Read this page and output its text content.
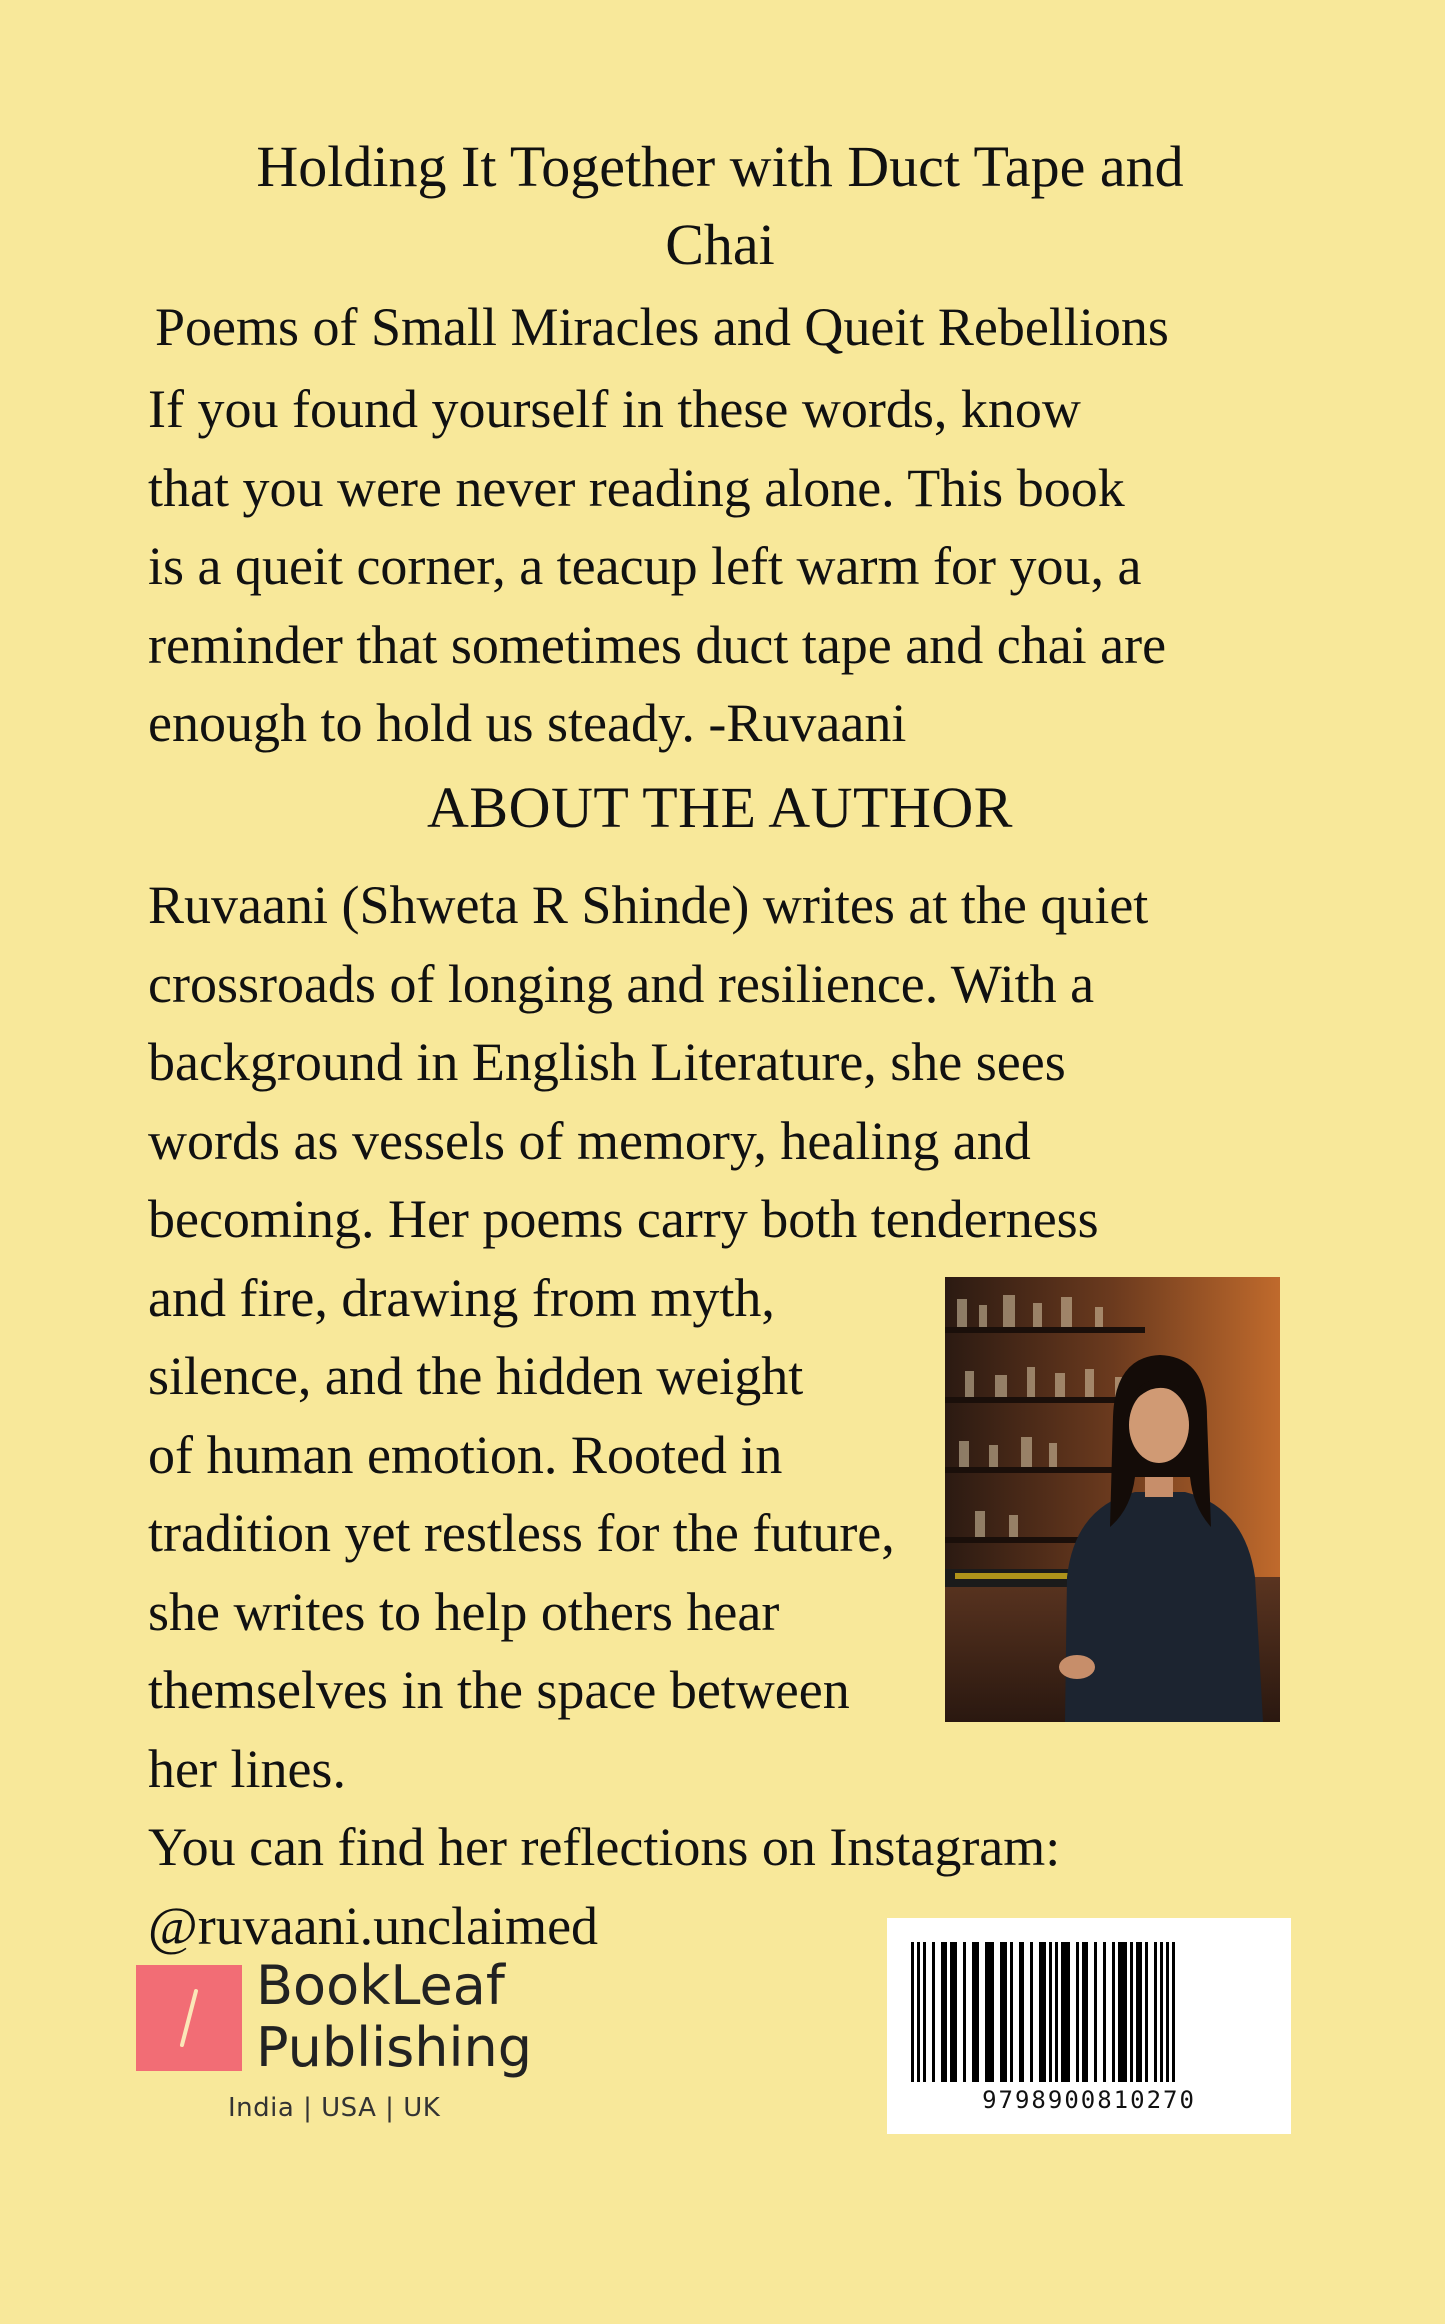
Holding It Together with Duct Tape and
Chai
Poems of Small Miracles and Queit Rebellions
If you found yourself in these words, know
that you were never reading alone. This book
is a queit corner, a teacup left warm for you, a
reminder that sometimes duct tape and chai are
enough to hold us steady. -Ruvaani
ABOUT THE AUTHOR
Ruvaani (Shweta R Shinde) writes at the quiet
crossroads of longing and resilience. With a
background in English Literature, she sees
words as vessels of memory, healing and
becoming. Her poems carry both tenderness
and fire, drawing from myth,
silence, and the hidden weight
of human emotion. Rooted in
tradition yet restless for the future,
she writes to help others hear
themselves in the space between
her lines.
You can find her reflections on Instagram:
@ruvaani.unclaimed
BookLeaf
Publishing
India | USA | UK	9798900810270
